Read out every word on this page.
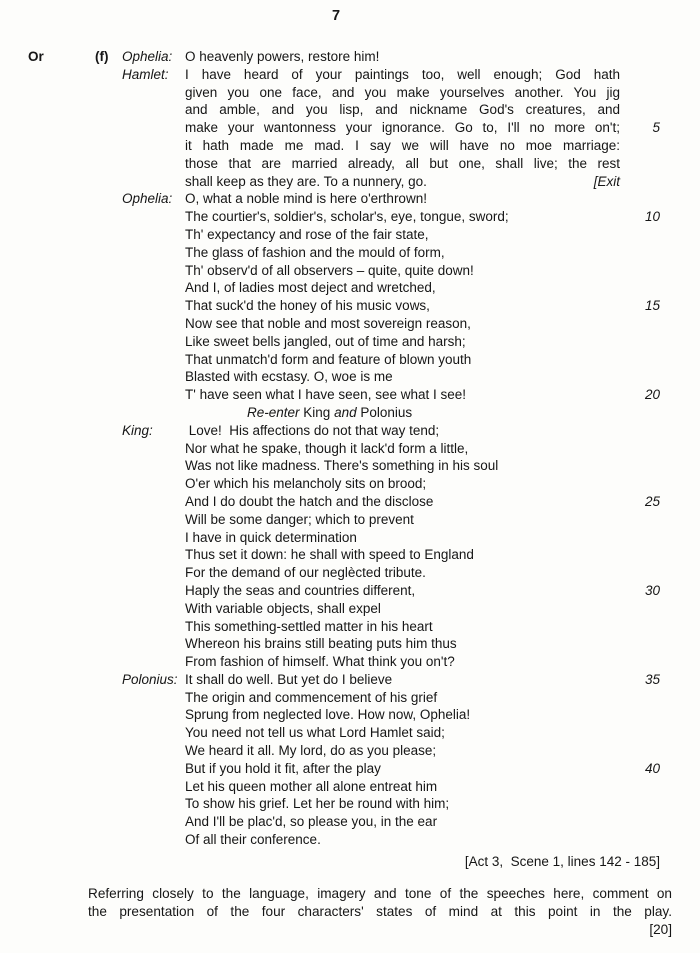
7
Or	(f) Ophelia: O heavenly powers, restore him!
Hamlet:	I have heard of your paintings too, well enough; God hath
given you one face, and you make yourselves another. You jig
and amble, and you lisp, and nickname God's creatures, and
make your wantonness your ignorance. Go to, I'll no more on't;	5
it hath made me mad. I say we will have no moe marriage:
those that are married already, all but one, shall live; the rest
shall keep as they are. To a nunnery, go.	[Exit
Ophelia: O, what a noble mind is here o'erthrown!
The courtier's, soldier's, scholar's, eye, tongue, sword;	10
Th' expectancy and rose of the fair state,
The glass of fashion and the mould of form,
Th' observ'd of all observers – quite, quite down!
And I, of ladies most deject and wretched,
That suck'd the honey of his music vows,	15
Now see that noble and most sovereign reason,
Like sweet bells jangled, out of time and harsh;
That unmatch'd form and feature of blown youth
Blasted with ecstasy. O, woe is me
T' have seen what I have seen, see what I see!	20
Re-enter King and Polonius
King:	Love!  His affections do not that way tend;
Nor what he spake, though it lack'd form a little,
Was not like madness. There's something in his soul
O'er which his melancholy sits on brood;
And I do doubt the hatch and the disclose	25
Will be some danger; which to prevent
I have in quick determination
Thus set it down: he shall with speed to England
For the demand of our neglècted tribute.
Haply the seas and countries different,	30
With variable objects, shall expel
This something-settled matter in his heart
Whereon his brains still beating puts him thus
From fashion of himself. What think you on't?
Polonius: It shall do well. But yet do I believe	35
The origin and commencement of his grief
Sprung from neglected love. How now, Ophelia!
You need not tell us what Lord Hamlet said;
We heard it all. My lord, do as you please;
But if you hold it fit, after the play	40
Let his queen mother all alone entreat him
To show his grief. Let her be round with him;
And I'll be plac'd, so please you, in the ear
Of all their conference.
[Act 3,  Scene 1, lines 142 - 185]
Referring closely to the language, imagery and tone of the speeches here, comment on
the presentation of the four characters' states of mind at this point in the play.
[20]
